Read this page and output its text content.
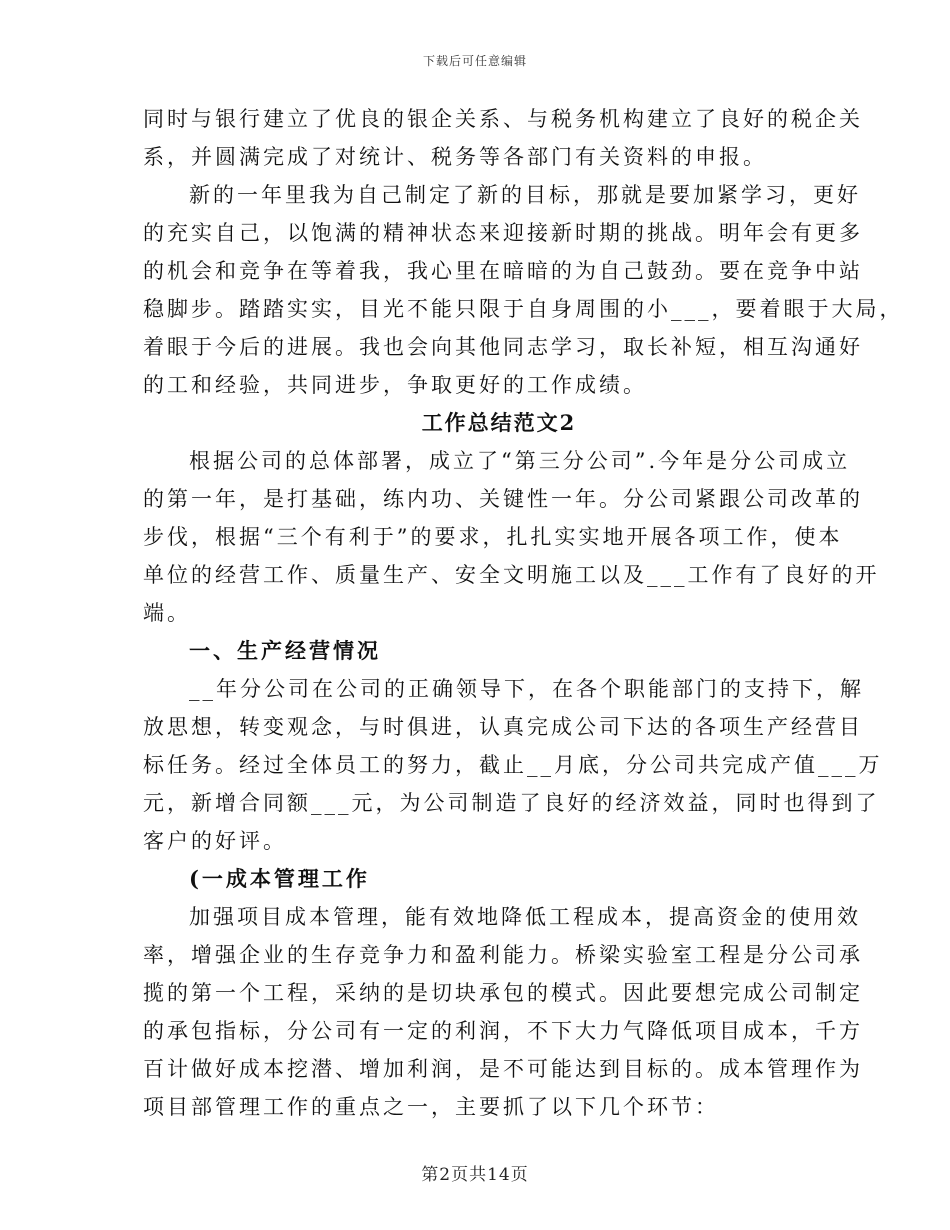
下载后可任意编辑
同时与银行建立了优良的银企关系、与税务机构建立了良好的税企关
系，并圆满完成了对统计、税务等各部门有关资料的申报。
新的一年里我为自己制定了新的目标，那就是要加紧学习，更好
的充实自己，以饱满的精神状态来迎接新时期的挑战。明年会有更多
的机会和竞争在等着我，我心里在暗暗的为自己鼓劲。要在竞争中站
稳脚步。踏踏实实，目光不能只限于自身周围的小___，要着眼于大局，
着眼于今后的进展。我也会向其他同志学习，取长补短，相互沟通好
的工和经验，共同进步，争取更好的工作成绩。
工作总结范文2
根据公司的总体部署，成立了“第三分公司”.今年是分公司成立
的第一年，是打基础，练内功、关键性一年。分公司紧跟公司改革的
步伐，根据“三个有利于”的要求，扎扎实实地开展各项工作，使本
单位的经营工作、质量生产、安全文明施工以及___工作有了良好的开
端。
一、生产经营情况
__年分公司在公司的正确领导下，在各个职能部门的支持下，解
放思想，转变观念，与时俱进，认真完成公司下达的各项生产经营目
标任务。经过全体员工的努力，截止__月底，分公司共完成产值___万
元，新增合同额___元，为公司制造了良好的经济效益，同时也得到了
客户的好评。
(一成本管理工作
加强项目成本管理，能有效地降低工程成本，提高资金的使用效
率，增强企业的生存竞争力和盈利能力。桥梁实验室工程是分公司承
揽的第一个工程，采纳的是切块承包的模式。因此要想完成公司制定
的承包指标，分公司有一定的利润，不下大力气降低项目成本，千方
百计做好成本挖潜、增加利润，是不可能达到目标的。成本管理作为
项目部管理工作的重点之一，主要抓了以下几个环节：
第2页共14页
